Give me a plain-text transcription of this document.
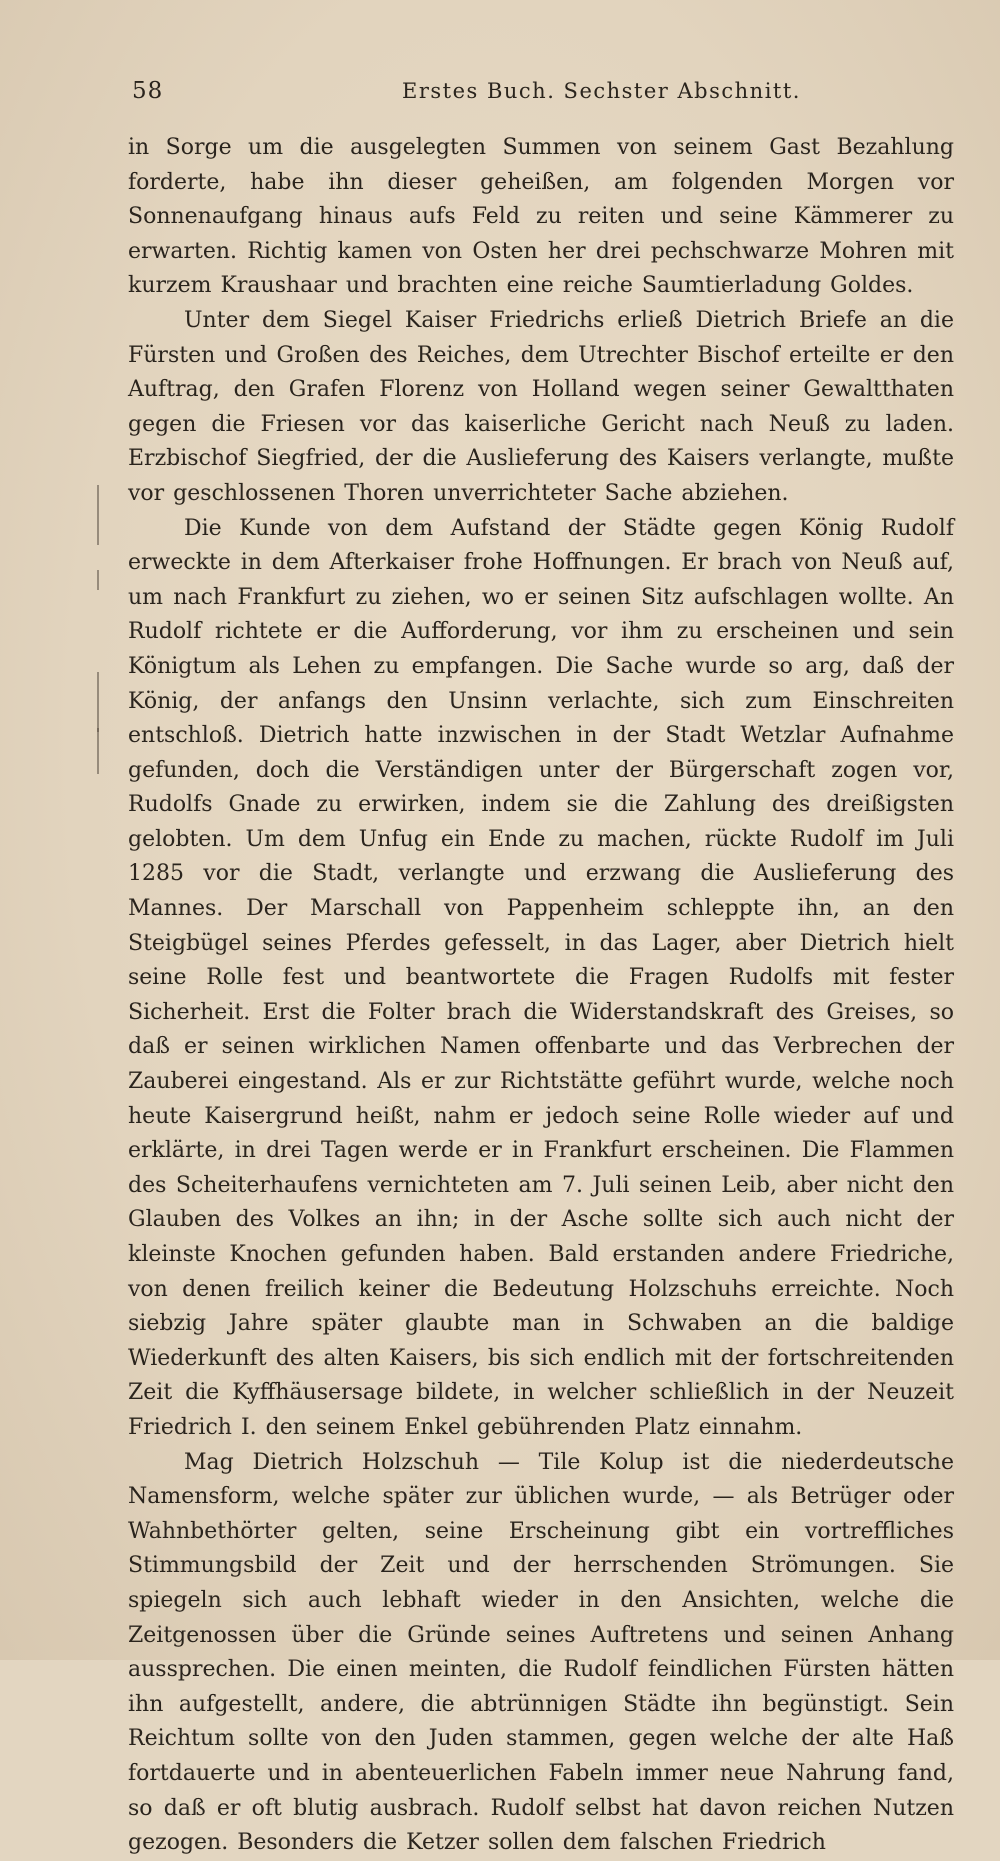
58	Erstes Buch. Sechster Abschnitt.

in Sorge um die ausgelegten Summen von seinem Gast Bezahlung forderte, habe ihn dieser geheißen, am folgenden Morgen vor Sonnenaufgang hinaus aufs Feld zu reiten und seine Kämmerer zu erwarten. Richtig kamen von Osten her drei pechschwarze Mohren mit kurzem Kraushaar und brachten eine reiche Saumtierladung Goldes.

Unter dem Siegel Kaiser Friedrichs erließ Dietrich Briefe an die Fürsten und Großen des Reiches, dem Utrechter Bischof erteilte er den Auftrag, den Grafen Florenz von Holland wegen seiner Gewaltthaten gegen die Friesen vor das kaiserliche Gericht nach Neuß zu laden. Erzbischof Siegfried, der die Auslieferung des Kaisers verlangte, mußte vor geschlossenen Thoren unverrichteter Sache abziehen.

Die Kunde von dem Aufstand der Städte gegen König Rudolf erweckte in dem Afterkaiser frohe Hoffnungen. Er brach von Neuß auf, um nach Frankfurt zu ziehen, wo er seinen Sitz aufschlagen wollte. An Rudolf richtete er die Aufforderung, vor ihm zu erscheinen und sein Königtum als Lehen zu empfangen. Die Sache wurde so arg, daß der König, der anfangs den Unsinn verlachte, sich zum Einschreiten entschloß. Dietrich hatte inzwischen in der Stadt Wetzlar Aufnahme gefunden, doch die Verständigen unter der Bürgerschaft zogen vor, Rudolfs Gnade zu erwirken, indem sie die Zahlung des dreißigsten gelobten. Um dem Unfug ein Ende zu machen, rückte Rudolf im Juli 1285 vor die Stadt, verlangte und erzwang die Auslieferung des Mannes. Der Marschall von Pappenheim schleppte ihn, an den Steigbügel seines Pferdes gefesselt, in das Lager, aber Dietrich hielt seine Rolle fest und beantwortete die Fragen Rudolfs mit fester Sicherheit. Erst die Folter brach die Widerstandskraft des Greises, so daß er seinen wirklichen Namen offenbarte und das Verbrechen der Zauberei eingestand. Als er zur Richtstätte geführt wurde, welche noch heute Kaisergrund heißt, nahm er jedoch seine Rolle wieder auf und erklärte, in drei Tagen werde er in Frankfurt erscheinen. Die Flammen des Scheiterhaufens vernichteten am 7. Juli seinen Leib, aber nicht den Glauben des Volkes an ihn; in der Asche sollte sich auch nicht der kleinste Knochen gefunden haben. Bald erstanden andere Friedriche, von denen freilich keiner die Bedeutung Holzschuhs erreichte. Noch siebzig Jahre später glaubte man in Schwaben an die baldige Wiederkunft des alten Kaisers, bis sich endlich mit der fortschreitenden Zeit die Kyffhäusersage bildete, in welcher schließlich in der Neuzeit Friedrich I. den seinem Enkel gebührenden Platz einnahm.

Mag Dietrich Holzschuh — Tile Kolup ist die niederdeutsche Namensform, welche später zur üblichen wurde, — als Betrüger oder Wahnbethörter gelten, seine Erscheinung gibt ein vortreffliches Stimmungsbild der Zeit und der herrschenden Strömungen. Sie spiegeln sich auch lebhaft wieder in den Ansichten, welche die Zeitgenossen über die Gründe seines Auftretens und seinen Anhang aussprechen. Die einen meinten, die Rudolf feindlichen Fürsten hätten ihn aufgestellt, andere, die abtrünnigen Städte ihn begünstigt. Sein Reichtum sollte von den Juden stammen, gegen welche der alte Haß fortdauerte und in abenteuerlichen Fabeln immer neue Nahrung fand, so daß er oft blutig ausbrach. Rudolf selbst hat davon reichen Nutzen gezogen. Besonders die Ketzer sollen dem falschen Friedrich
